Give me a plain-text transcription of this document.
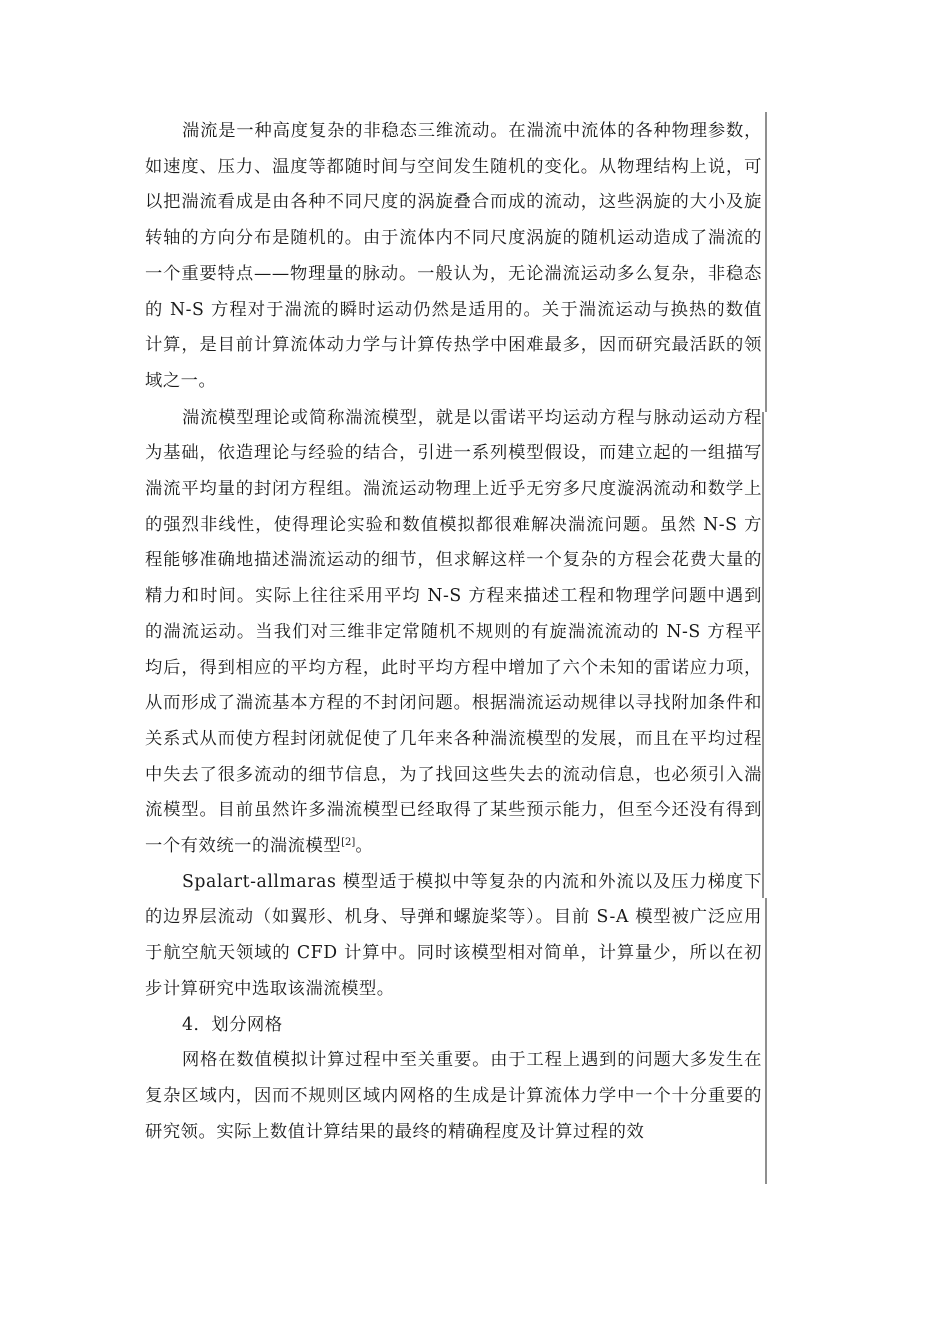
湍流是一种高度复杂的非稳态三维流动。在湍流中流体的各种物理参数，如速度、压力、温度等都随时间与空间发生随机的变化。从物理结构上说，可以把湍流看成是由各种不同尺度的涡旋叠合而成的流动，这些涡旋的大小及旋转轴的方向分布是随机的。由于流体内不同尺度涡旋的随机运动造成了湍流的一个重要特点——物理量的脉动。一般认为，无论湍流运动多么复杂，非稳态的 N-S 方程对于湍流的瞬时运动仍然是适用的。关于湍流运动与换热的数值计算，是目前计算流体动力学与计算传热学中困难最多，因而研究最活跃的领域之一。

湍流模型理论或简称湍流模型，就是以雷诺平均运动方程与脉动运动方程为基础，依造理论与经验的结合，引进一系列模型假设，而建立起的一组描写湍流平均量的封闭方程组。湍流运动物理上近乎无穷多尺度漩涡流动和数学上的强烈非线性，使得理论实验和数值模拟都很难解决湍流问题。虽然 N-S 方程能够准确地描述湍流运动的细节，但求解这样一个复杂的方程会花费大量的精力和时间。实际上往往采用平均 N-S 方程来描述工程和物理学问题中遇到的湍流运动。当我们对三维非定常随机不规则的有旋湍流流动的 N-S 方程平均后，得到相应的平均方程，此时平均方程中增加了六个未知的雷诺应力项，从而形成了湍流基本方程的不封闭问题。根据湍流运动规律以寻找附加条件和关系式从而使方程封闭就促使了几年来各种湍流模型的发展，而且在平均过程中失去了很多流动的细节信息，为了找回这些失去的流动信息，也必须引入湍流模型。目前虽然许多湍流模型已经取得了某些预示能力，但至今还没有得到一个有效统一的湍流模型[2]。

Spalart-allmaras 模型适于模拟中等复杂的内流和外流以及压力梯度下的边界层流动（如翼形、机身、导弹和螺旋桨等）。目前 S-A 模型被广泛应用于航空航天领域的 CFD 计算中。同时该模型相对简单，计算量少，所以在初步计算研究中选取该湍流模型。

4．划分网格

网格在数值模拟计算过程中至关重要。由于工程上遇到的问题大多发生在复杂区域内，因而不规则区域内网格的生成是计算流体力学中一个十分重要的研究领。实际上数值计算结果的最终的精确程度及计算过程的效
